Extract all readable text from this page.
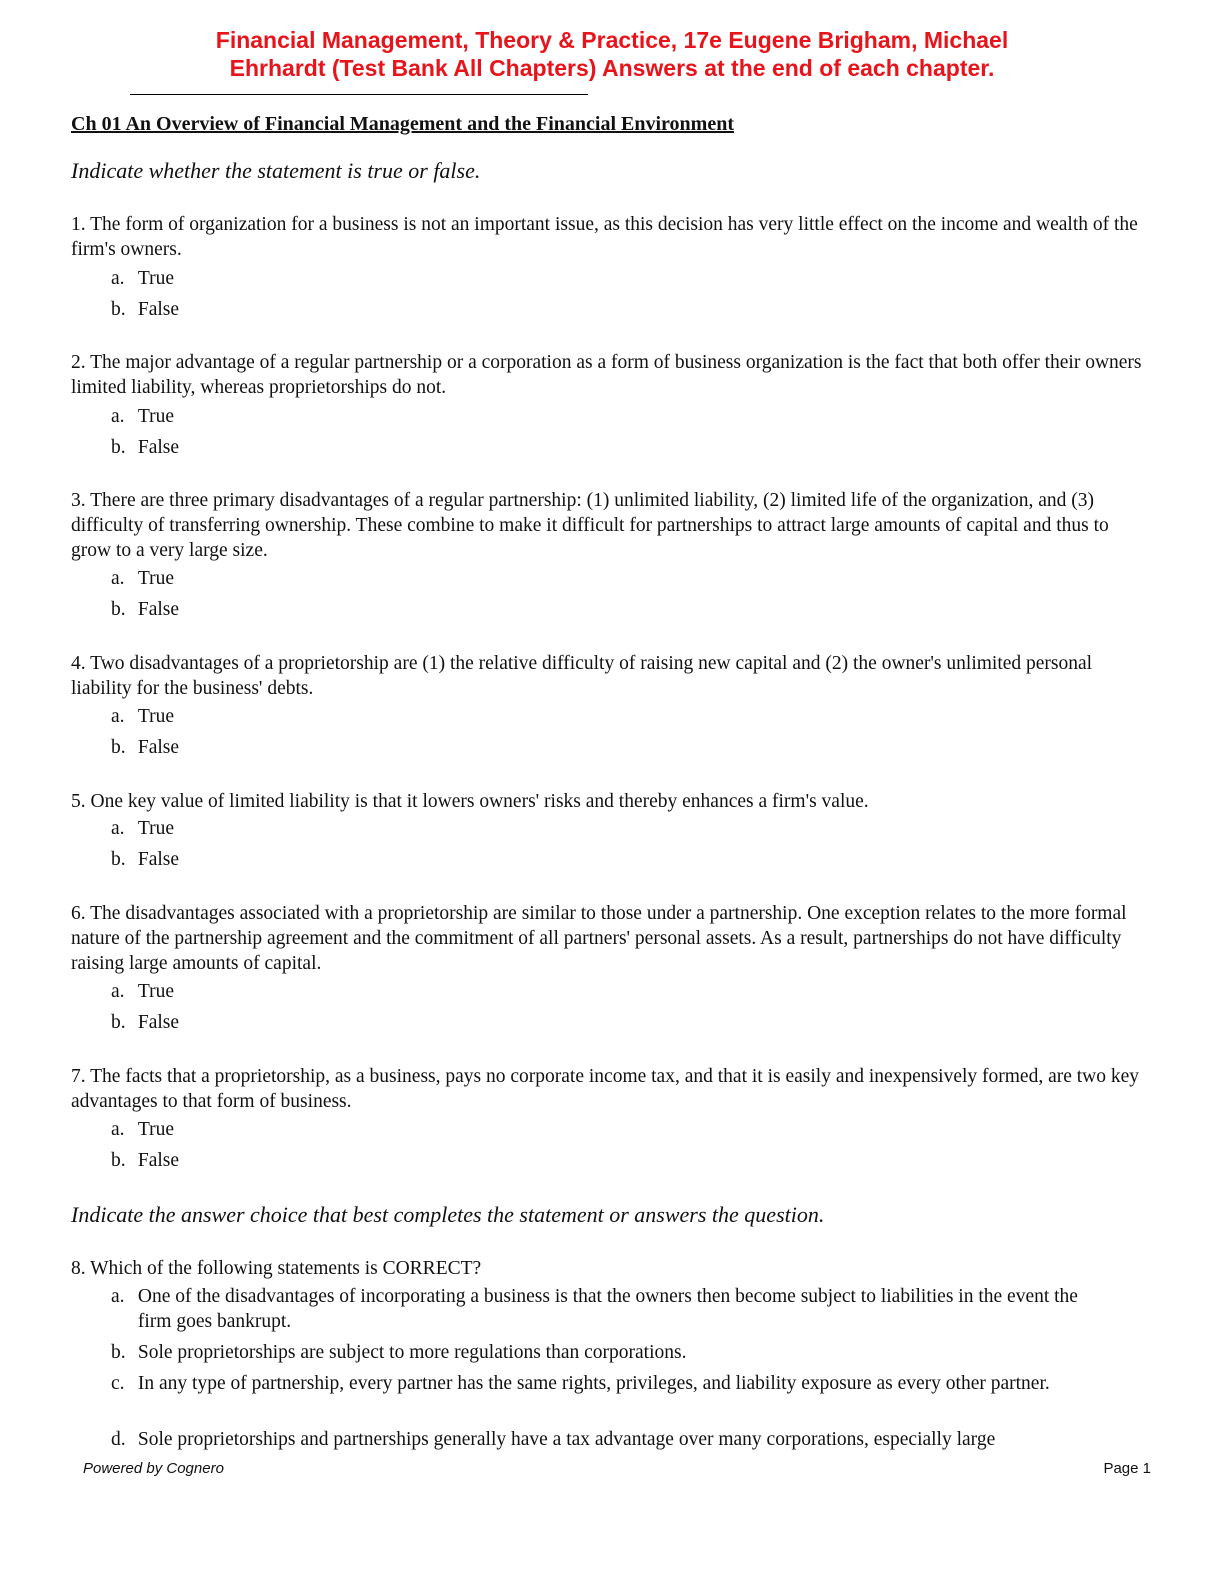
Financial Management, Theory & Practice, 17e Eugene Brigham, Michael
Ehrhardt (Test Bank All Chapters) Answers at the end of each chapter.
Ch 01 An Overview of Financial Management and the Financial Environment
Indicate whether the statement is true or false.
1. The form of organization for a business is not an important issue, as this decision has very little effect on the income and wealth of the firm's owners.
a. True
b. False
2. The major advantage of a regular partnership or a corporation as a form of business organization is the fact that both offer their owners limited liability, whereas proprietorships do not.
a. True
b. False
3. There are three primary disadvantages of a regular partnership: (1) unlimited liability, (2) limited life of the organization, and (3) difficulty of transferring ownership. These combine to make it difficult for partnerships to attract large amounts of capital and thus to grow to a very large size.
a. True
b. False
4. Two disadvantages of a proprietorship are (1) the relative difficulty of raising new capital and (2) the owner's unlimited personal liability for the business' debts.
a. True
b. False
5. One key value of limited liability is that it lowers owners' risks and thereby enhances a firm's value.
a. True
b. False
6. The disadvantages associated with a proprietorship are similar to those under a partnership. One exception relates to the more formal nature of the partnership agreement and the commitment of all partners' personal assets. As a result, partnerships do not have difficulty raising large amounts of capital.
a. True
b. False
7. The facts that a proprietorship, as a business, pays no corporate income tax, and that it is easily and inexpensively formed, are two key advantages to that form of business.
a. True
b. False
Indicate the answer choice that best completes the statement or answers the question.
8. Which of the following statements is CORRECT?
a. One of the disadvantages of incorporating a business is that the owners then become subject to liabilities in the event the firm goes bankrupt.
b. Sole proprietorships are subject to more regulations than corporations.
c. In any type of partnership, every partner has the same rights, privileges, and liability exposure as every other partner.
d. Sole proprietorships and partnerships generally have a tax advantage over many corporations, especially large
Powered by Cognero	Page 1
